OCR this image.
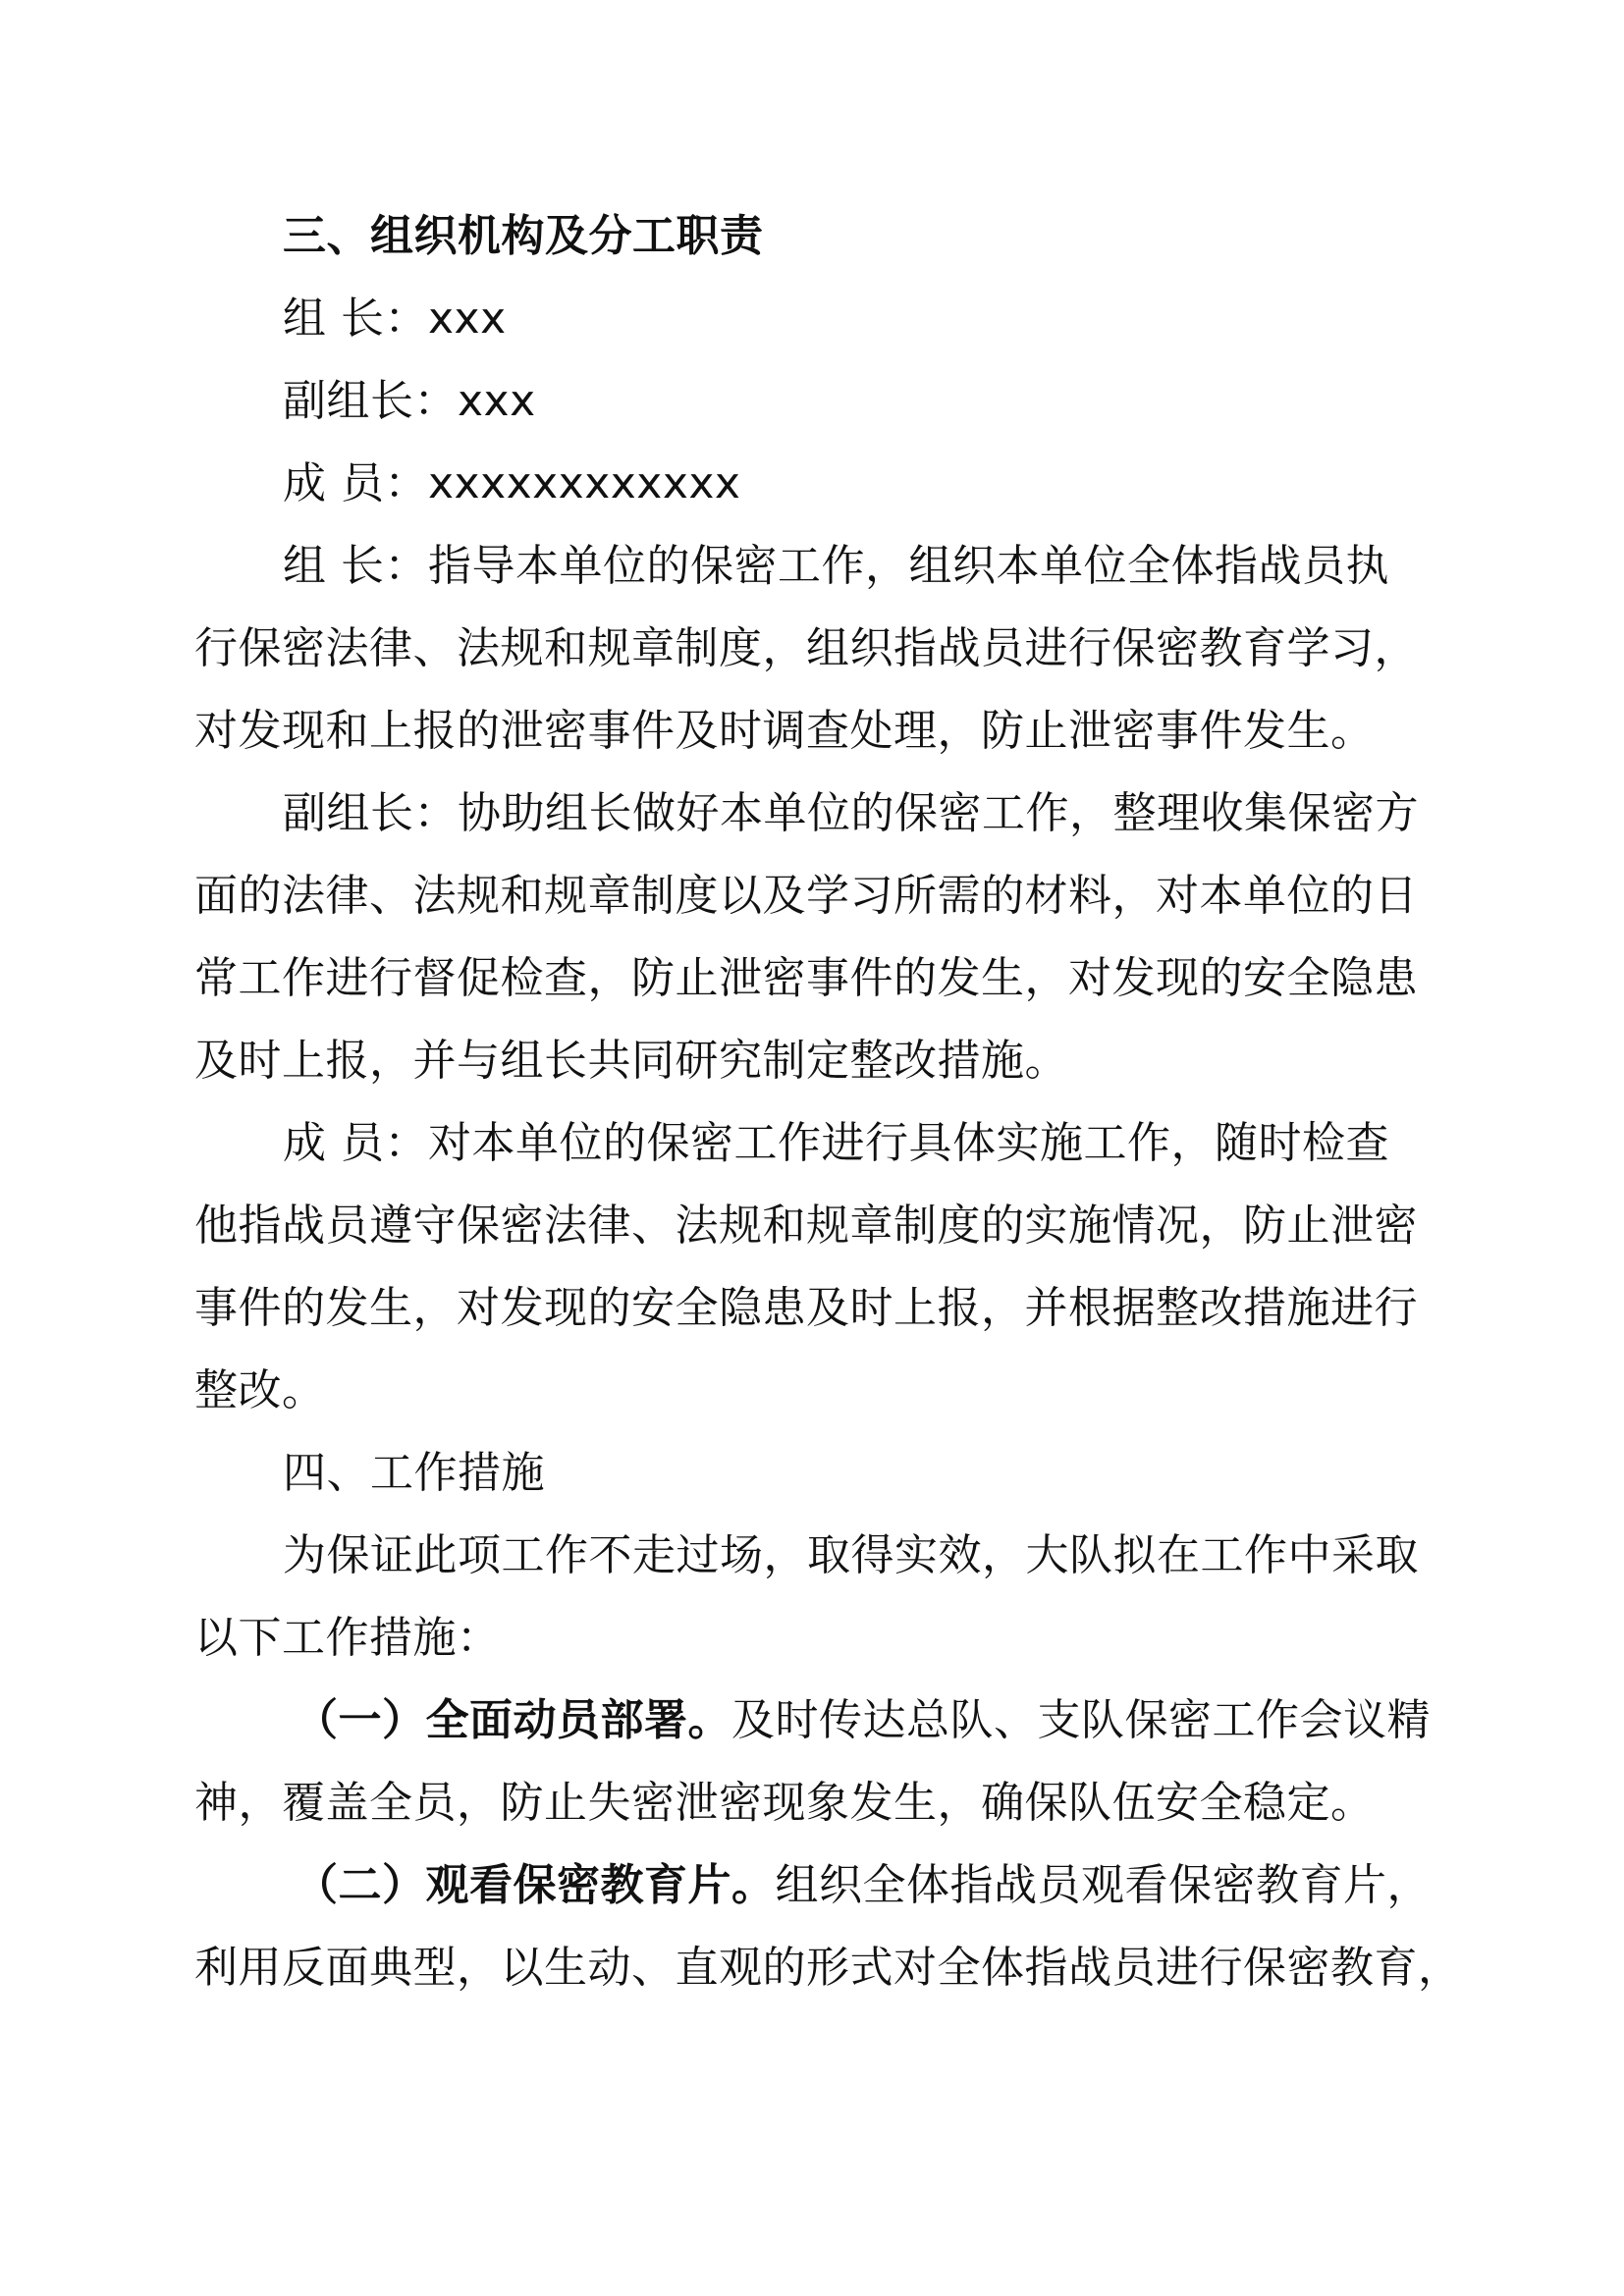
三、组织机构及分工职责
组 长：xxx
副组长：xxx
成 员：xxxxxxxxxxxx
组 长：指导本单位的保密工作，组织本单位全体指战员执
行保密法律、法规和规章制度，组织指战员进行保密教育学习，
对发现和上报的泄密事件及时调查处理，防止泄密事件发生。
副组长：协助组长做好本单位的保密工作，整理收集保密方
面的法律、法规和规章制度以及学习所需的材料，对本单位的日
常工作进行督促检查，防止泄密事件的发生，对发现的安全隐患
及时上报，并与组长共同研究制定整改措施。
成 员：对本单位的保密工作进行具体实施工作，随时检查
他指战员遵守保密法律、法规和规章制度的实施情况，防止泄密
事件的发生，对发现的安全隐患及时上报，并根据整改措施进行
整改。
四、工作措施
为保证此项工作不走过场，取得实效，大队拟在工作中采取
以下工作措施：
（一）全面动员部署。及时传达总队、支队保密工作会议精
神，覆盖全员，防止失密泄密现象发生，确保队伍安全稳定。
（二）观看保密教育片。组织全体指战员观看保密教育片，
利用反面典型，以生动、直观的形式对全体指战员进行保密教育，
